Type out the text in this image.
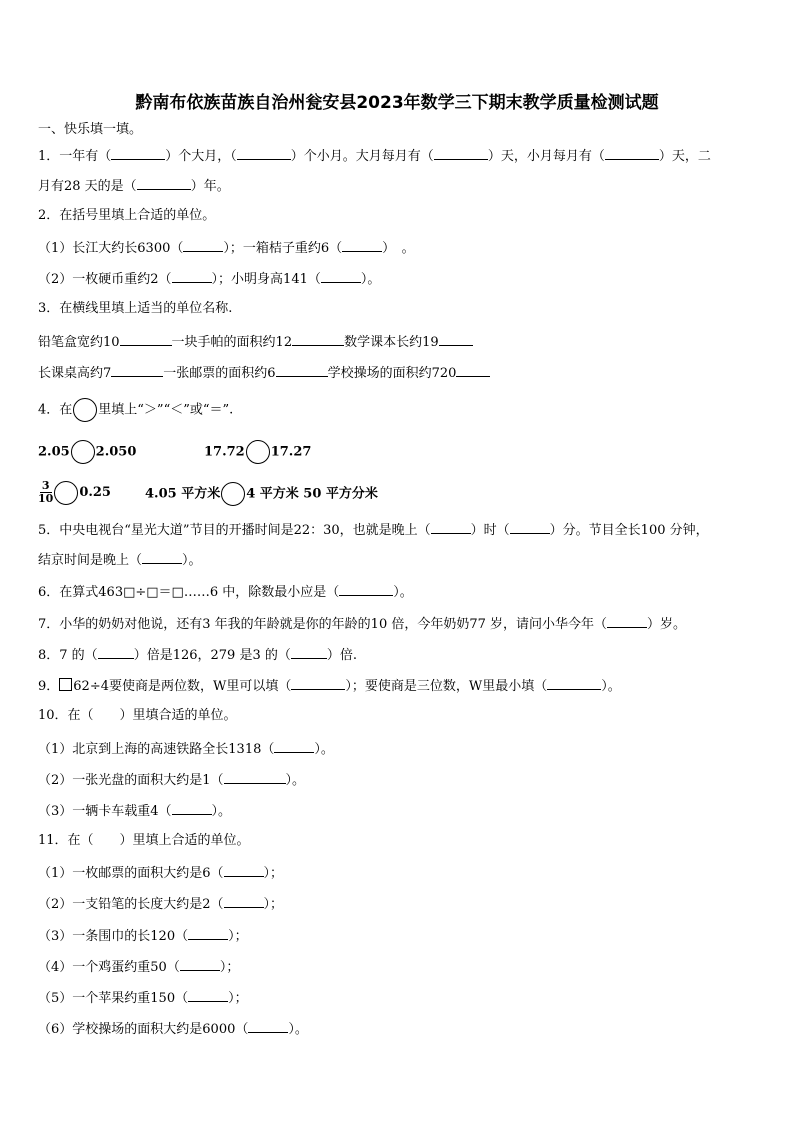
黔南布依族苗族自治州瓮安县2023年数学三下期末教学质量检测试题
一、快乐填一填。
1．一年有（	）个大月，（	）个小月。大月每月有（	）天，小月每月有（	）天，二
月有28 天的是（	）年。
2．在括号里填上合适的单位。
（1）长江大约长6300（	）；一箱桔子重约6（	）　。
（2）一枚硬币重约2（	）；小明身高141（	）。
3．在横线里填上适当的单位名称.
铅笔盒宽约10	一块手帕的面积约12	数学课本长约19
长课桌高约7	一张邮票的面积约6	学校操场的面积约720
4．在 里填上“＞”“＜”或“＝”.
2.05 2.050	17.72 17.27
$\frac{3}{10} 0.25$	4.05 平方米 4 平方米 50 平方分米
5．中央电视台“星光大道”节目的开播时间是22：30，也就是晚上（	）时（	）分。节目全长100 分钟，
结京时间是晚上（	）。
6．在算式463□÷□＝□……6 中，除数最小应是（	）。
7．小华的奶奶对他说，还有3 年我的年龄就是你的年龄的10 倍，今年奶奶77 岁，请问小华今年（	）岁。
8．7 的（	）倍是126，279 是3 的（	）倍.
9． 62÷4要使商是两位数，W里可以填（	）；要使商是三位数，W里最小填（	）。
10．在（　　）里填合适的单位。
（1）北京到上海的高速铁路全长1318（	）。
（2）一张光盘的面积大约是1（	）。
（3）一辆卡车载重4（	）。
11．在（　　）里填上合适的单位。
（1）一枚邮票的面积大约是6（	）；
（2）一支铅笔的长度大约是2（	）；
（3）一条围巾的长120（	）；
（4）一个鸡蛋约重50（	）；
（5）一个苹果约重150（	）；
（6）学校操场的面积大约是6000（	）。
